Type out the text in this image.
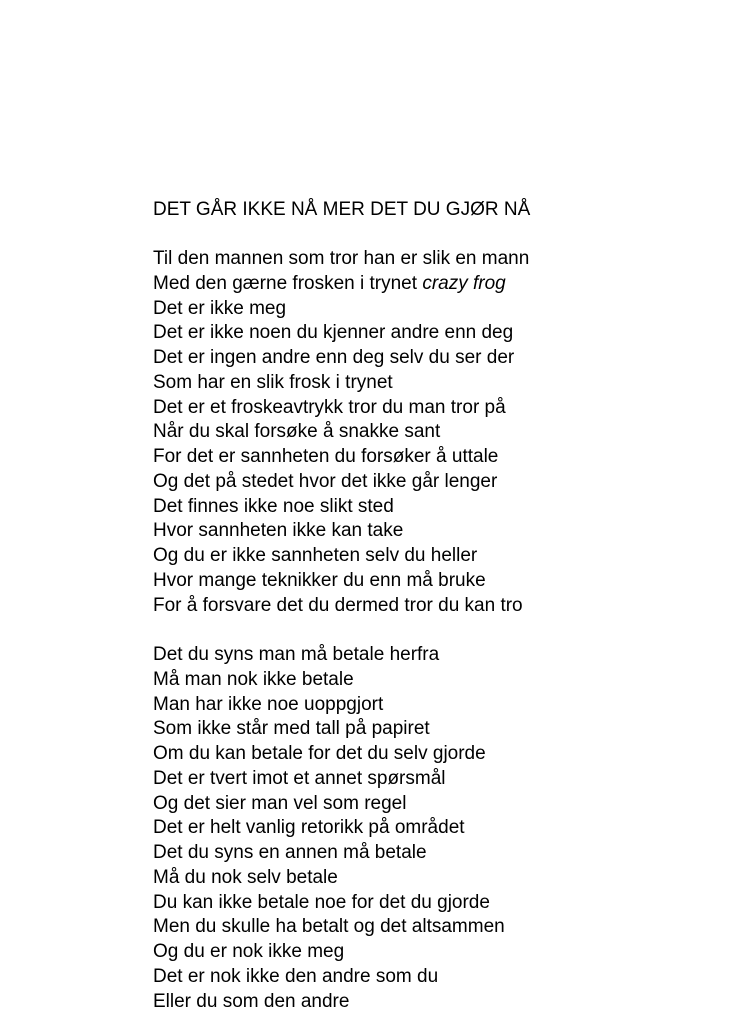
DET GÅR IKKE NÅ MER DET DU GJØR NÅ
Til den mannen som tror han er slik en mann
Med den gærne frosken i trynet crazy frog
Det er ikke meg
Det er ikke noen du kjenner andre enn deg
Det er ingen andre enn deg selv du ser der
Som har en slik frosk i trynet
Det er et froskeavtrykk tror du man tror på
Når du skal forsøke å snakke sant
For det er sannheten du forsøker å uttale
Og det på stedet hvor det ikke går lenger
Det finnes ikke noe slikt sted
Hvor sannheten ikke kan take
Og du er ikke sannheten selv du heller
Hvor mange teknikker du enn må bruke
For å forsvare det du dermed tror du kan tro
Det du syns man må betale herfra
Må man nok ikke betale
Man har ikke noe uoppgjort
Som ikke står med tall på papiret
Om du kan betale for det du selv gjorde
Det er tvert imot et annet spørsmål
Og det sier man vel som regel
Det er helt vanlig retorikk på området
Det du syns en annen må betale
Må du nok selv betale
Du kan ikke betale noe for det du gjorde
Men du skulle ha betalt og det altsammen
Og du er nok ikke meg
Det er nok ikke den andre som du
Eller du som den andre
